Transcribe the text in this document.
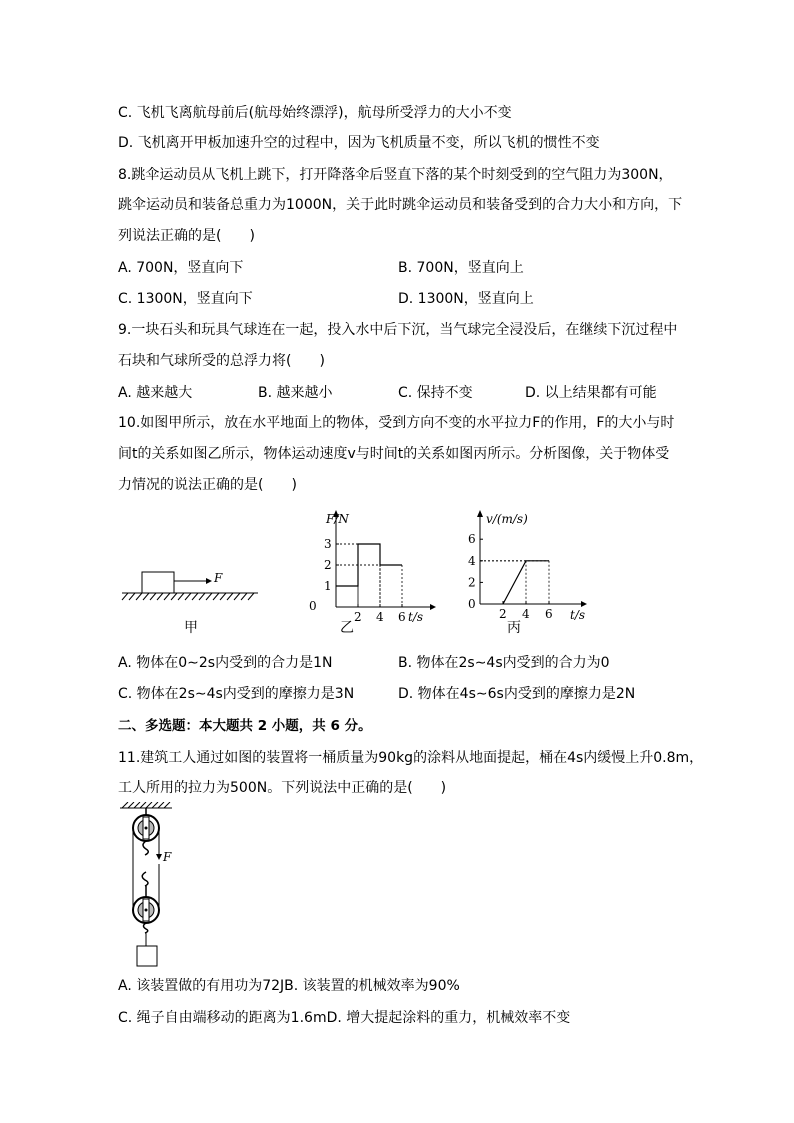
C. 飞机飞离航母前后(航母始终漂浮)，航母所受浮力的大小不变
D. 飞机离开甲板加速升空的过程中，因为飞机质量不变，所以飞机的惯性不变
8.跳伞运动员从飞机上跳下，打开降落伞后竖直下落的某个时刻受到的空气阻力为300N，
跳伞运动员和装备总重力为1000N，关于此时跳伞运动员和装备受到的合力大小和方向，下
列说法正确的是(　　)
A. 700N，竖直向下	B. 700N，竖直向上
C. 1300N，竖直向下	D. 1300N，竖直向上
9.一块石头和玩具气球连在一起，投入水中后下沉，当气球完全浸没后，在继续下沉过程中
石块和气球所受的总浮力将(　　)
A. 越来越大	B. 越来越小	C. 保持不变	D. 以上结果都有可能
10.如图甲所示，放在水平地面上的物体，受到方向不变的水平拉力F的作用，F的大小与时
间t的关系如图乙所示，物体运动速度v与时间t的关系如图丙所示。分析图像，关于物体受
力情况的说法正确的是(　　)
F
甲
F/N
t/s
0
2 4 6
1
2
3
乙
v/(m/s)
t/s
0
2 4 6
2
4
6
丙
A. 物体在0∼2s内受到的合力是1N	B. 物体在2s∼4s内受到的合力为0
C. 物体在2s∼4s内受到的摩擦力是3N	D. 物体在4s∼6s内受到的摩擦力是2N
二、多选题：本大题共 2 小题，共 6 分。
11.建筑工人通过如图的装置将一桶质量为90kg的涂料从地面提起，桶在4s内缓慢上升0.8m，
工人所用的拉力为500N。下列说法中正确的是(　　)
F
A. 该装置做的有用功为72JB. 该装置的机械效率为90%
C. 绳子自由端移动的距离为1.6mD. 增大提起涂料的重力，机械效率不变
